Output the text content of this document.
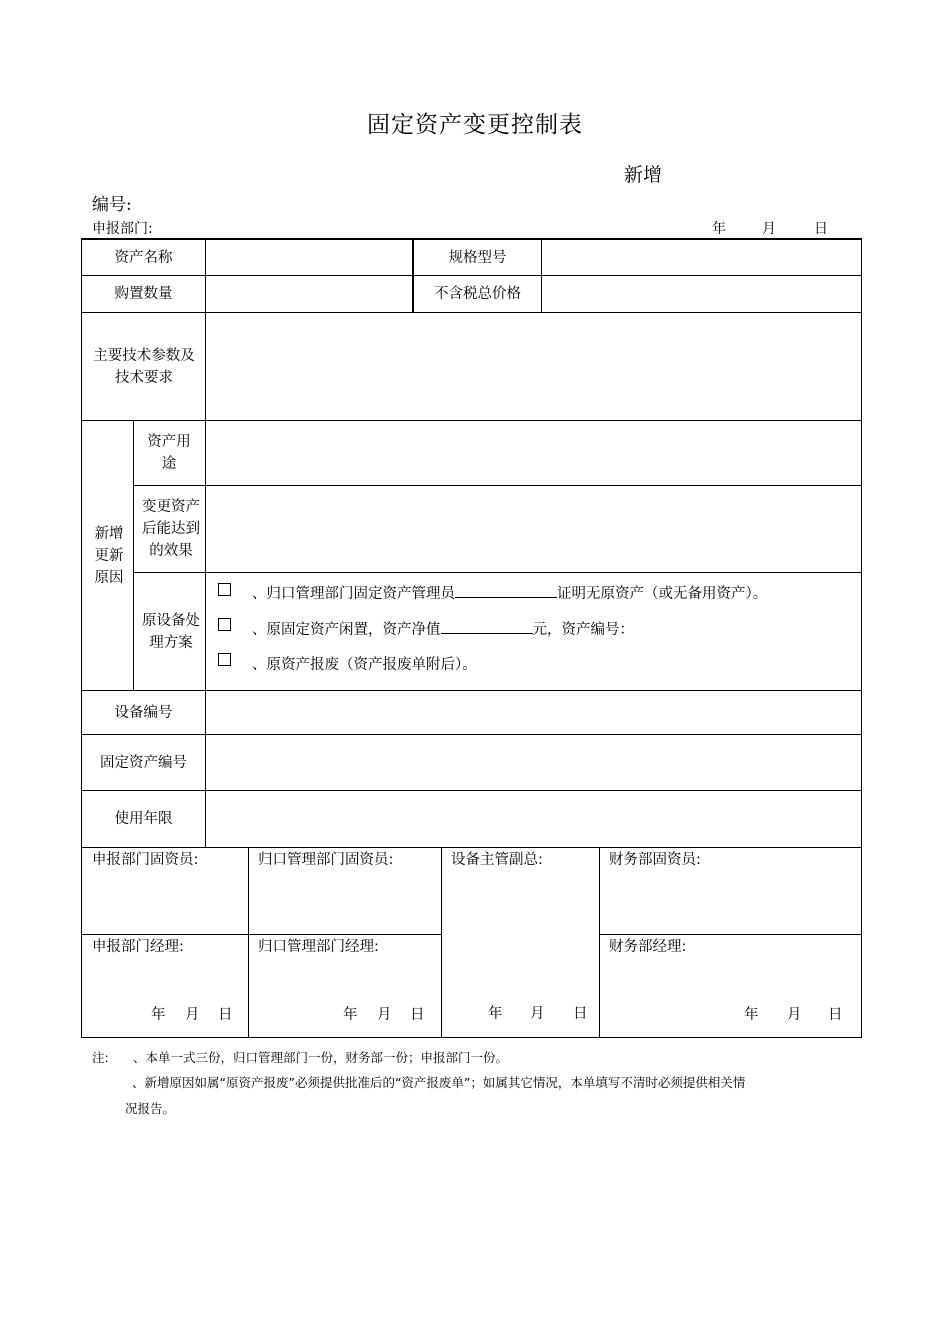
固定资产变更控制表
新增
编号:
申报部门:	年	月	日
资产名称	规格型号
购置数量	不含税总价格
主要技术参数及技术要求
新增更新原因
资产用途
变更资产后能达到的效果
原设备处理方案
、归口管理部门固定资产管理员	证明无原资产（或无备用资产）。
、原固定资产闲置，资产净值	元，资产编号：
、原资产报废（资产报废单附后）。
设备编号
固定资产编号
使用年限
申报部门固资员:	归口管理部门固资员:	设备主管副总:	财务部固资员:
申报部门经理:	归口管理部门经理:	财务部经理:
年 月 日	年 月 日	年 月 日	年 月 日
注: 、本单一式三份，归口管理部门一份，财务部一份；申报部门一份。
、新增原因如属“原资产报废”必须提供批准后的“资产报废单”；如属其它情况，本单填写不清时必须提供相关情
况报告。
